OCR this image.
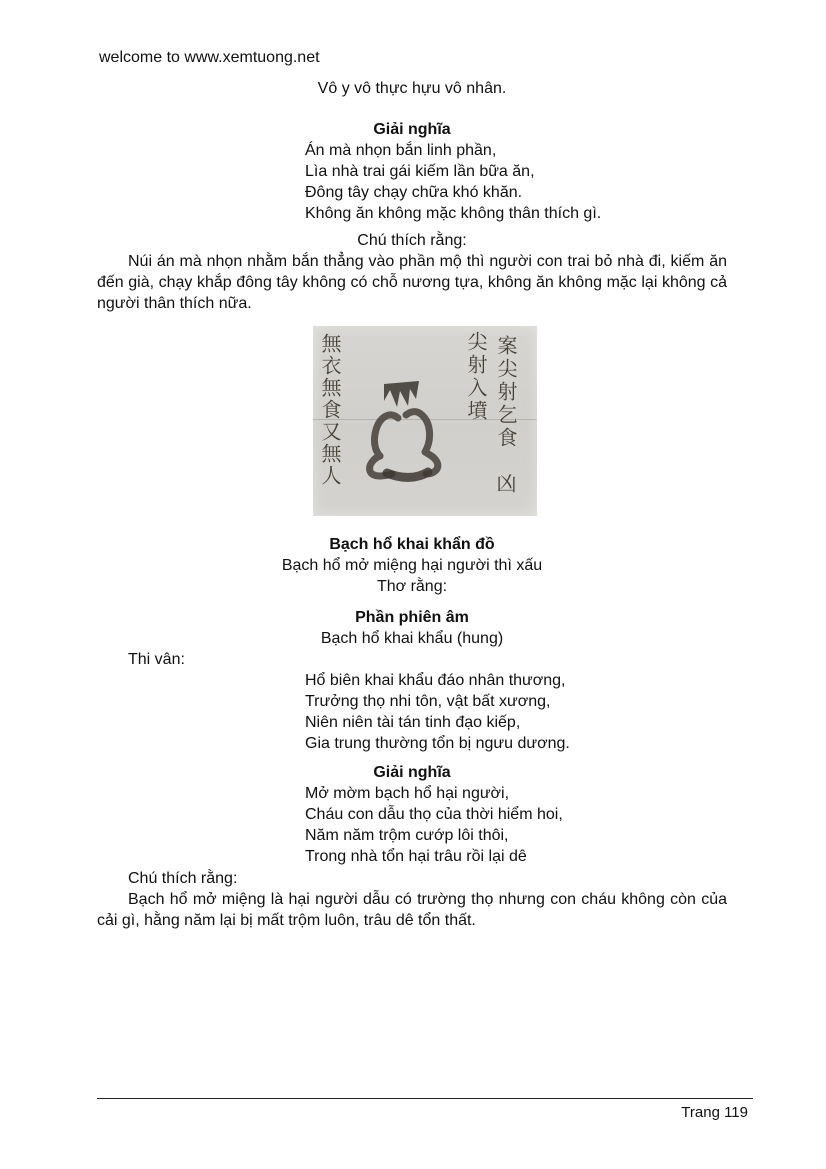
welcome to www.xemtuong.net
Vô y vô thực hựu vô nhân.
Giải nghĩa
Án mà nhọn bắn linh phần,
Lìa nhà trai gái kiếm lần bữa ăn,
Đông tây chạy chữa khó khăn.
Không ăn không mặc không thân thích gì.
Chú thích rằng:
Núi án mà nhọn nhằm bắn thẳng vào phần mộ thì người con trai bỏ nhà đi, kiếm ăn đến già, chạy khắp đông tây không có chỗ nương tựa, không ăn không mặc lại không cả người thân thích nữa.
案尖射乞食
尖射入墳
凶
無衣無食又無人
Bạch hổ khai khẩn đồ
Bạch hổ mở miệng hại người thì xấu
Thơ rằng:
Phần phiên âm
Bạch hổ khai khẩu (hung)
Thi vân:
Hổ biên khai khẩu đáo nhân thương,
Trưởng thọ nhi tôn, vật bất xương,
Niên niên tài tán tinh đạo kiếp,
Gia trung thường tổn bị ngưu dương.
Giải nghĩa
Mở mờm bạch hổ hại người,
Cháu con dẫu thọ của thời hiểm hoi,
Năm năm trộm cướp lôi thôi,
Trong nhà tổn hại trâu rồi lại dê
Chú thích rằng:
Bạch hổ mở miệng là hại người dẫu có trường thọ nhưng con cháu không còn của cải gì, hằng năm lại bị mất trộm luôn, trâu dê tổn thất.
Trang 119
